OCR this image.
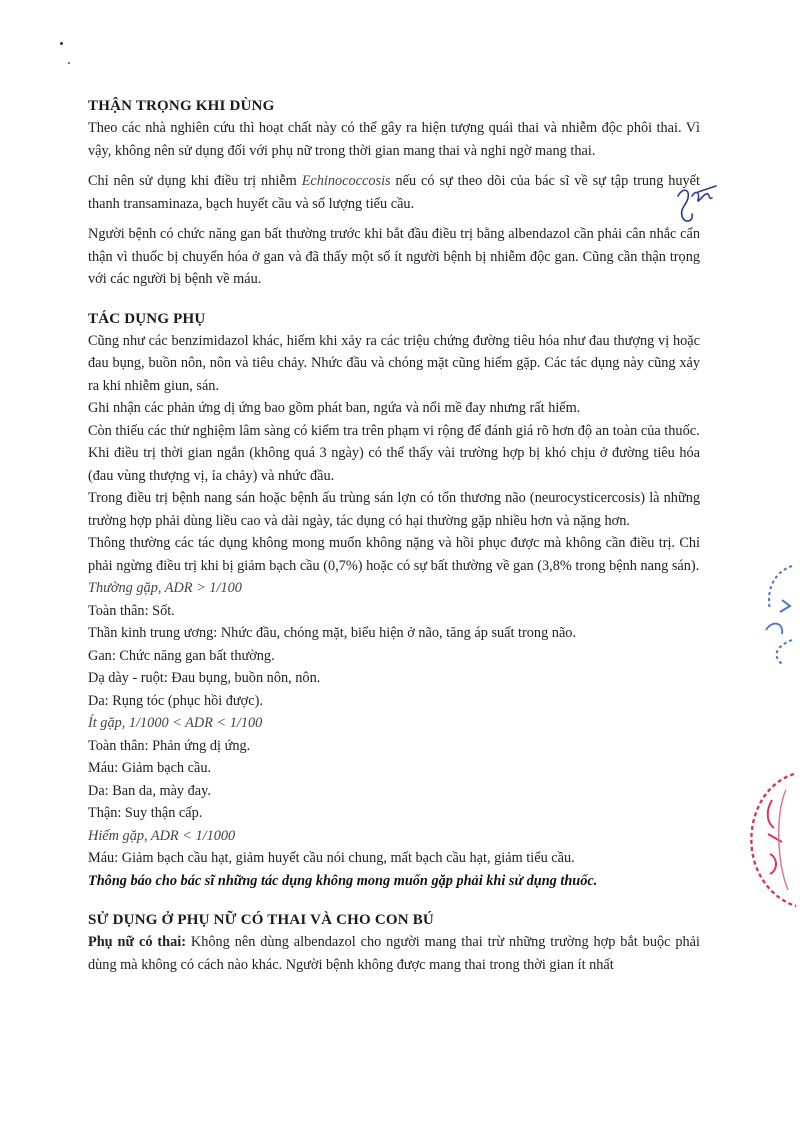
THẬN TRỌNG KHI DÙNG

Theo các nhà nghiên cứu thì hoạt chất này có thể gây ra hiện tượng quái thai và nhiễm độc phôi thai. Vì vậy, không nên sử dụng đối với phụ nữ trong thời gian mang thai và nghi ngờ mang thai.

Chỉ nên sử dụng khi điều trị nhiễm Echinococcosis nếu có sự theo dõi của bác sĩ về sự tập trung huyết thanh transaminaza, bạch huyết cầu và số lượng tiểu cầu.

Người bệnh có chức năng gan bất thường trước khi bắt đầu điều trị bằng albendazol cần phải cân nhắc cẩn thận vì thuốc bị chuyển hóa ở gan và đã thấy một số ít người bệnh bị nhiễm độc gan. Cũng cần thận trọng với các người bị bệnh về máu.

TÁC DỤNG PHỤ

Cũng như các benzimidazol khác, hiếm khi xảy ra các triệu chứng đường tiêu hóa như đau thượng vị hoặc đau bụng, buồn nôn, nôn và tiêu chảy. Nhức đầu và chóng mặt cũng hiếm gặp. Các tác dụng này cũng xảy ra khi nhiễm giun, sán.

Ghi nhận các phản ứng dị ứng bao gồm phát ban, ngứa và nổi mề đay nhưng rất hiếm.

Còn thiếu các thử nghiệm lâm sàng có kiểm tra trên phạm vi rộng để đánh giá rõ hơn độ an toàn của thuốc.

Khi điều trị thời gian ngắn (không quá 3 ngày) có thể thấy vài trường hợp bị khó chịu ở đường tiêu hóa (đau vùng thượng vị, ỉa chảy) và nhức đầu.

Trong điều trị bệnh nang sán hoặc bệnh ấu trùng sán lợn có tổn thương não (neurocysticercosis) là những trường hợp phải dùng liều cao và dài ngày, tác dụng có hại thường gặp nhiều hơn và nặng hơn.

Thông thường các tác dụng không mong muốn không nặng và hồi phục được mà không cần điều trị. Chỉ phải ngừng điều trị khi bị giảm bạch cầu (0,7%) hoặc có sự bất thường về gan (3,8% trong bệnh nang sán).

Thường gặp, ADR > 1/100

Toàn thân: Sốt.

Thần kinh trung ương: Nhức đầu, chóng mặt, biểu hiện ở não, tăng áp suất trong não.

Gan: Chức năng gan bất thường.

Dạ dày - ruột: Đau bụng, buồn nôn, nôn.

Da: Rụng tóc (phục hồi được).

Ít gặp, 1/1000 < ADR < 1/100

Toàn thân: Phản ứng dị ứng.

Máu: Giảm bạch cầu.

Da: Ban da, mày đay.

Thận: Suy thận cấp.

Hiếm gặp, ADR < 1/1000

Máu: Giảm bạch cầu hạt, giảm huyết cầu nói chung, mất bạch cầu hạt, giảm tiểu cầu.

Thông báo cho bác sĩ những tác dụng không mong muốn gặp phải khi sử dụng thuốc.

SỬ DỤNG Ở PHỤ NỮ CÓ THAI VÀ CHO CON BÚ

Phụ nữ có thai: Không nên dùng albendazol cho người mang thai trừ những trường hợp bắt buộc phải dùng mà không có cách nào khác. Người bệnh không được mang thai trong thời gian ít nhất
